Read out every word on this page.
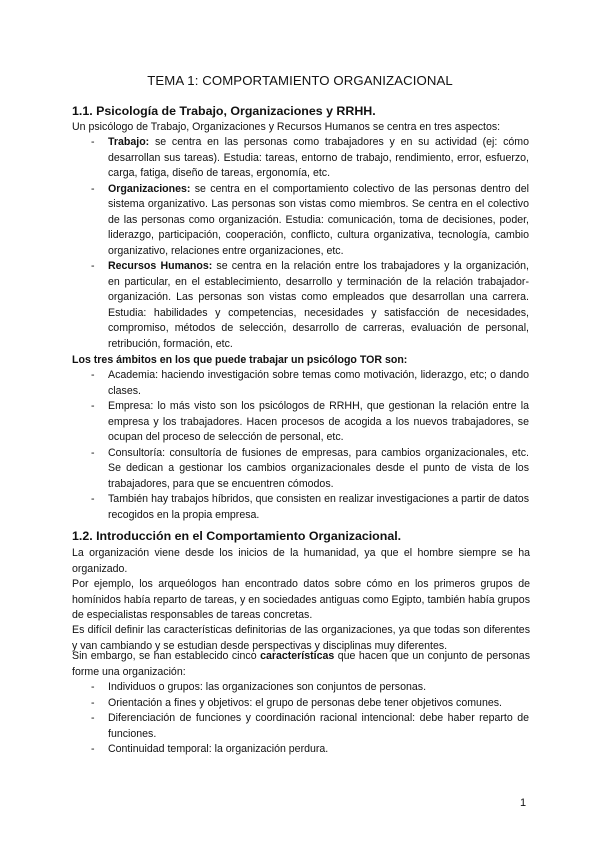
TEMA 1: COMPORTAMIENTO ORGANIZACIONAL
1.1. Psicología de Trabajo, Organizaciones y RRHH.
Un psicólogo de Trabajo, Organizaciones y Recursos Humanos se centra en tres aspectos:
- Trabajo: se centra en las personas como trabajadores y en su actividad (ej: cómo desarrollan sus tareas). Estudia: tareas, entorno de trabajo, rendimiento, error, esfuerzo, carga, fatiga, diseño de tareas, ergonomía, etc.
- Organizaciones: se centra en el comportamiento colectivo de las personas dentro del sistema organizativo. Las personas son vistas como miembros. Se centra en el colectivo de las personas como organización. Estudia: comunicación, toma de decisiones, poder, liderazgo, participación, cooperación, conflicto, cultura organizativa, tecnología, cambio organizativo, relaciones entre organizaciones, etc.
- Recursos Humanos: se centra en la relación entre los trabajadores y la organización, en particular, en el establecimiento, desarrollo y terminación de la relación trabajador-organización. Las personas son vistas como empleados que desarrollan una carrera. Estudia: habilidades y competencias, necesidades y satisfacción de necesidades, compromiso, métodos de selección, desarrollo de carreras, evaluación de personal, retribución, formación, etc.
Los tres ámbitos en los que puede trabajar un psicólogo TOR son:
- Academia: haciendo investigación sobre temas como motivación, liderazgo, etc; o dando clases.
- Empresa: lo más visto son los psicólogos de RRHH, que gestionan la relación entre la empresa y los trabajadores. Hacen procesos de acogida a los nuevos trabajadores, se ocupan del proceso de selección de personal, etc.
- Consultoría: consultoría de fusiones de empresas, para cambios organizacionales, etc. Se dedican a gestionar los cambios organizacionales desde el punto de vista de los trabajadores, para que se encuentren cómodos.
- También hay trabajos híbridos, que consisten en realizar investigaciones a partir de datos recogidos en la propia empresa.
1.2. Introducción en el Comportamiento Organizacional.
La organización viene desde los inicios de la humanidad, ya que el hombre siempre se ha organizado.
Por ejemplo, los arqueólogos han encontrado datos sobre cómo en los primeros grupos de homínidos había reparto de tareas, y en sociedades antiguas como Egipto, también había grupos de especialistas responsables de tareas concretas.
Es difícil definir las características definitorias de las organizaciones, ya que todas son diferentes y van cambiando y se estudian desde perspectivas y disciplinas muy diferentes.
Sin embargo, se han establecido cinco características que hacen que un conjunto de personas forme una organización:
- Individuos o grupos: las organizaciones son conjuntos de personas.
- Orientación a fines y objetivos: el grupo de personas debe tener objetivos comunes.
- Diferenciación de funciones y coordinación racional intencional: debe haber reparto de funciones.
- Continuidad temporal: la organización perdura.
1
